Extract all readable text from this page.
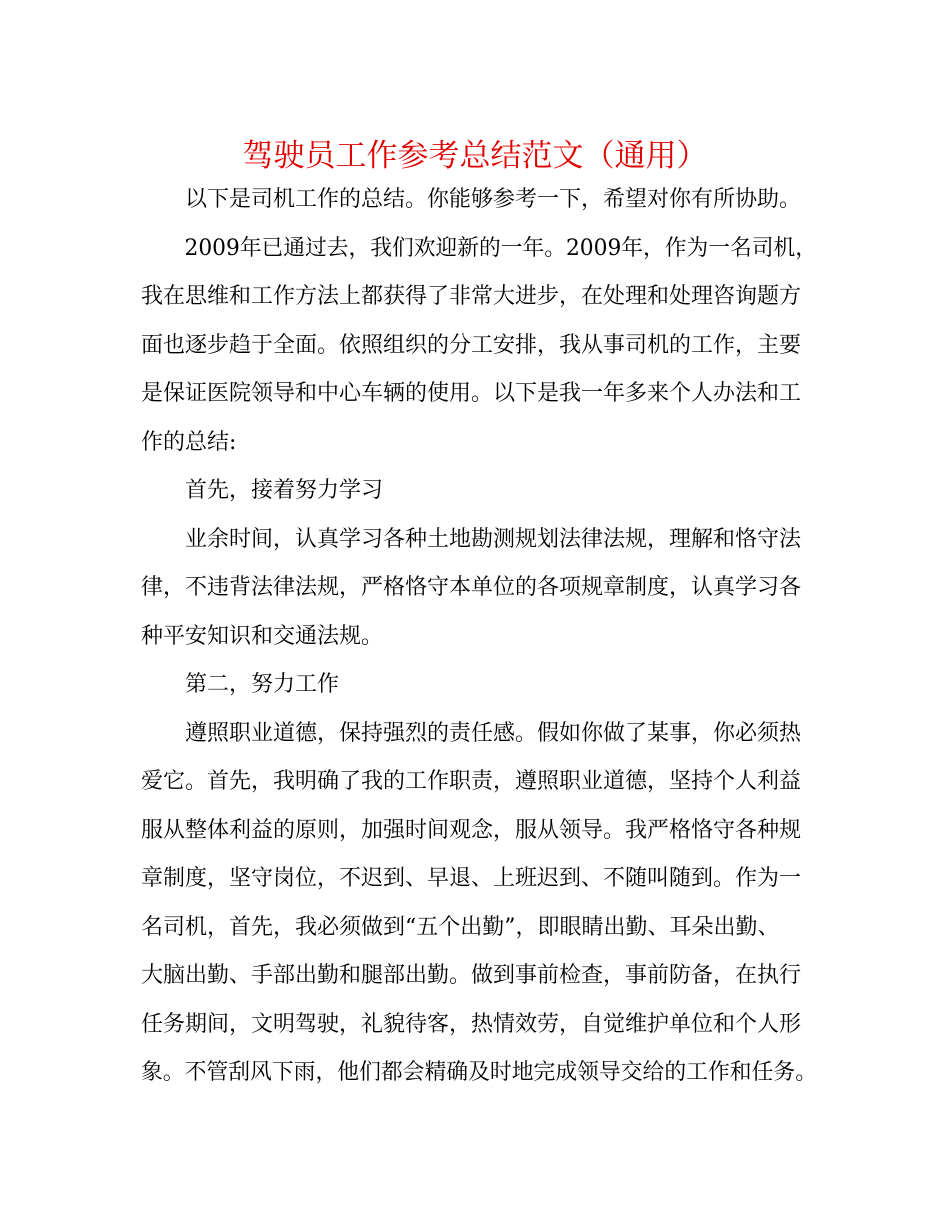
驾驶员工作参考总结范文（通用）
以下是司机工作的总结。你能够参考一下，希望对你有所协助。
2009年已通过去，我们欢迎新的一年。2009年，作为一名司机，
我在思维和工作方法上都获得了非常大进步，在处理和处理咨询题方
面也逐步趋于全面。依照组织的分工安排，我从事司机的工作，主要
是保证医院领导和中心车辆的使用。以下是我一年多来个人办法和工
作的总结:
首先，接着努力学习
业余时间，认真学习各种土地勘测规划法律法规，理解和恪守法
律，不违背法律法规，严格恪守本单位的各项规章制度，认真学习各
种平安知识和交通法规。
第二，努力工作
遵照职业道德，保持强烈的责任感。假如你做了某事，你必须热
爱它。首先，我明确了我的工作职责，遵照职业道德，坚持个人利益
服从整体利益的原则，加强时间观念，服从领导。我严格恪守各种规
章制度，坚守岗位，不迟到、早退、上班迟到、不随叫随到。作为一
名司机，首先，我必须做到“五个出勤”，即眼睛出勤、耳朵出勤、
大脑出勤、手部出勤和腿部出勤。做到事前检查，事前防备，在执行
任务期间，文明驾驶，礼貌待客，热情效劳，自觉维护单位和个人形
象。不管刮风下雨，他们都会精确及时地完成领导交给的工作和任务。
